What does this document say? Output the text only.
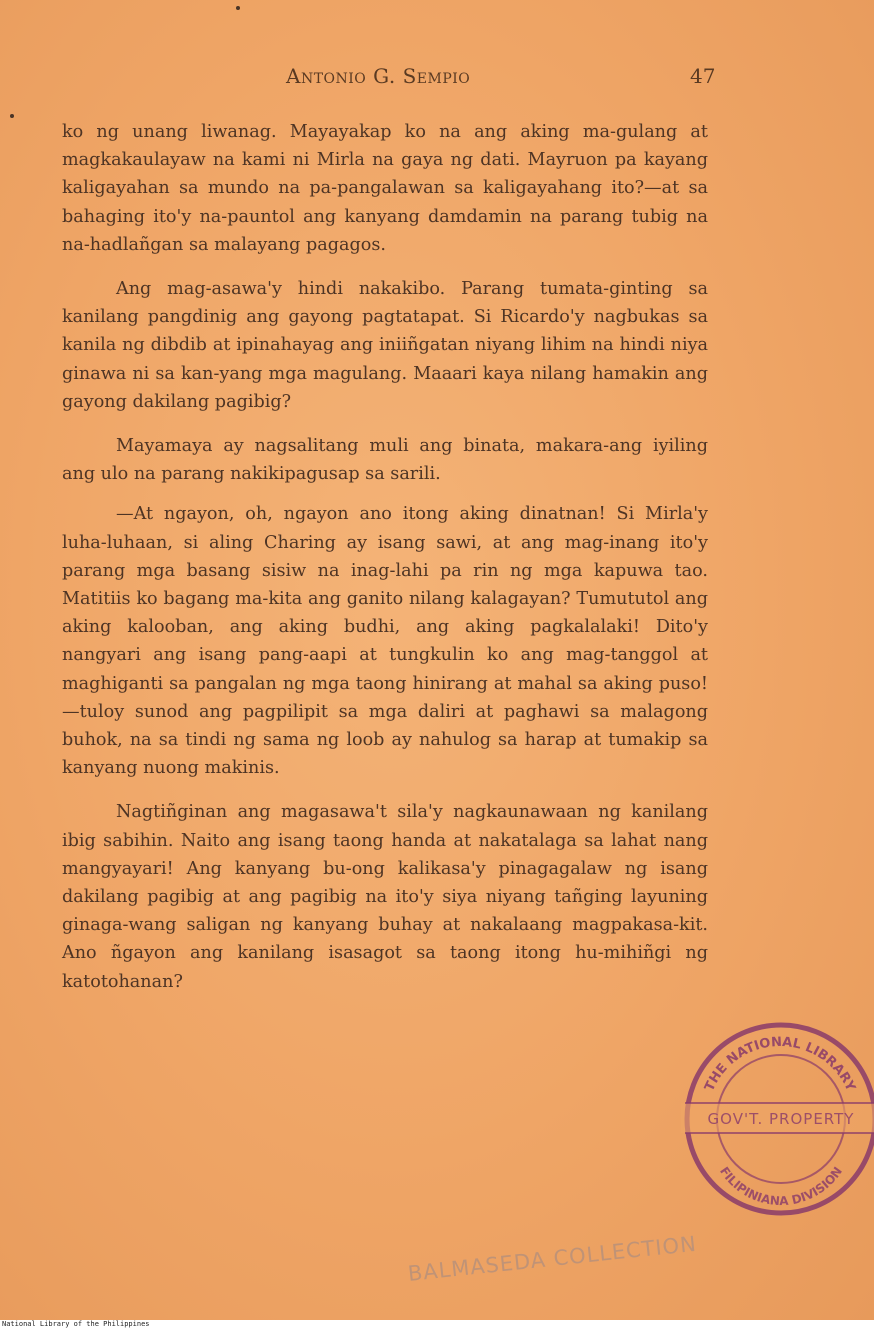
Antonio G. Sempio	47

ko ng unang liwanag. Mayayakap ko na ang aking ma-gulang at magkakaulayaw na kami ni Mirla na gaya ng dati. Mayruon pa kayang kaligayahan sa mundo na pa-pangalawan sa kaligayahang ito?—at sa bahaging ito'y na-pauntol ang kanyang damdamin na parang tubig na na-hadlañgan sa malayang pagagos.

Ang mag-asawa'y hindi nakakibo. Parang tumata-ginting sa kanilang pangdinig ang gayong pagtatapat. Si Ricardo'y nagbukas sa kanila ng dibdib at ipinahayag ang iniiñgatan niyang lihim na hindi niya ginawa ni sa kan-yang mga magulang. Maaari kaya nilang hamakin ang gayong dakilang pagibig?

Mayamaya ay nagsalitang muli ang binata, makara-ang iyiling ang ulo na parang nakikipagusap sa sarili.

—At ngayon, oh, ngayon ano itong aking dinatnan! Si Mirla'y luha-luhaan, si aling Charing ay isang sawi, at ang mag-inang ito'y parang mga basang sisiw na inag-lahi pa rin ng mga kapuwa tao. Matitiis ko bagang ma-kita ang ganito nilang kalagayan? Tumututol ang aking kalooban, ang aking budhi, ang aking pagkalalaki! Dito'y nangyari ang isang pang-aapi at tungkulin ko ang mag-tanggol at maghiganti sa pangalan ng mga taong hinirang at mahal sa aking puso!—tuloy sunod ang pagpilipit sa mga daliri at paghawi sa malagong buhok, na sa tindi ng sama ng loob ay nahulog sa harap at tumakip sa kanyang nuong makinis.

Nagtiñginan ang magasawa't sila'y nagkaunawaan ng kanilang ibig sabihin. Naito ang isang taong handa at nakatalaga sa lahat nang mangyayari! Ang kanyang bu-ong kalikasa'y pinagagalaw ng isang dakilang pagibig at ang pagibig na ito'y siya niyang tañging layuning ginaga-wang saligan ng kanyang buhay at nakalaang magpakasa-kit. Ano ñgayon ang kanilang isasagot sa taong itong hu-mihiñgi ng katotohanan?

THE NATIONAL LIBRARY
GOV'T. PROPERTY
FILIPINIANA DIVISION
BALMASEDA COLLECTION
National Library of the Philippines
